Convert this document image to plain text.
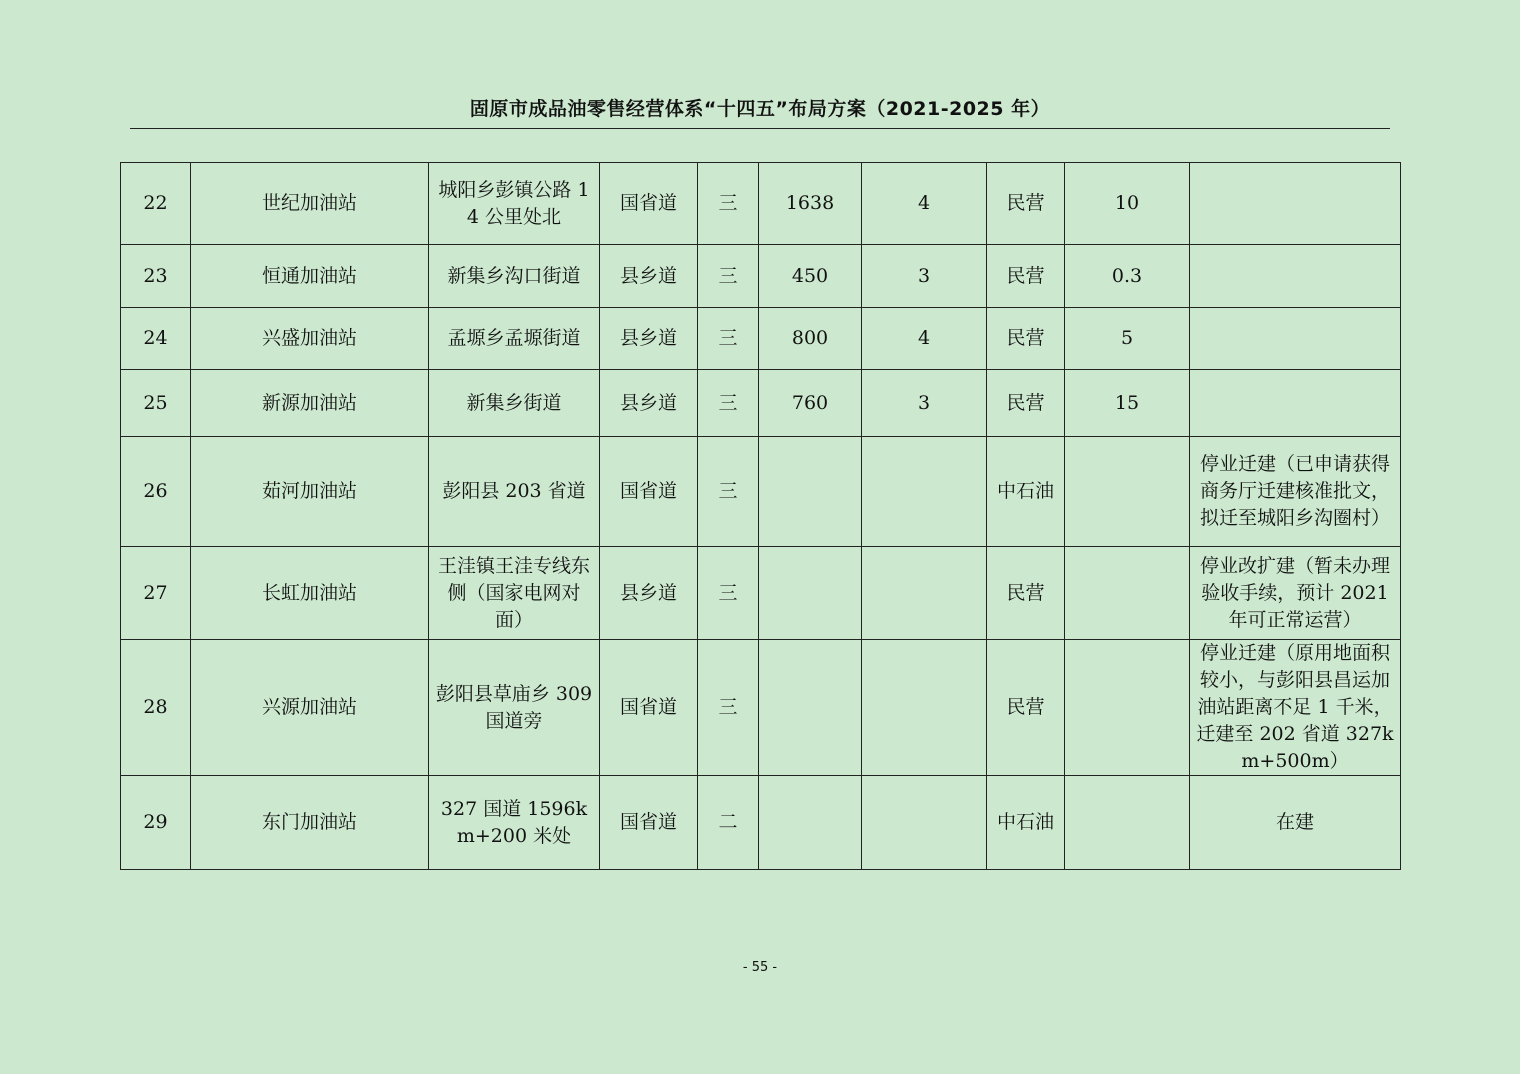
固原市成品油零售经营体系“十四五”布局方案（2021-2025 年）
22	世纪加油站	城阳乡彭镇公路 14 公里处北	国省道	三	1638	4	民营	10	
23	恒通加油站	新集乡沟口街道	县乡道	三	450	3	民营	0.3	
24	兴盛加油站	孟塬乡孟塬街道	县乡道	三	800	4	民营	5	
25	新源加油站	新集乡街道	县乡道	三	760	3	民营	15	
26	茹河加油站	彭阳县 203 省道	国省道	三			中石油		停业迁建（已申请获得商务厅迁建核准批文，拟迁至城阳乡沟圈村）
27	长虹加油站	王洼镇王洼专线东侧（国家电网对面）	县乡道	三			民营		停业改扩建（暂未办理验收手续，预计 2021 年可正常运营）
28	兴源加油站	彭阳县草庙乡 309 国道旁	国省道	三			民营		停业迁建（原用地面积较小，与彭阳县昌运加油站距离不足 1 千米，迁建至 202 省道 327km+500m）
29	东门加油站	327 国道 1596km+200 米处	国省道	二			中石油		在建
- 55 -
